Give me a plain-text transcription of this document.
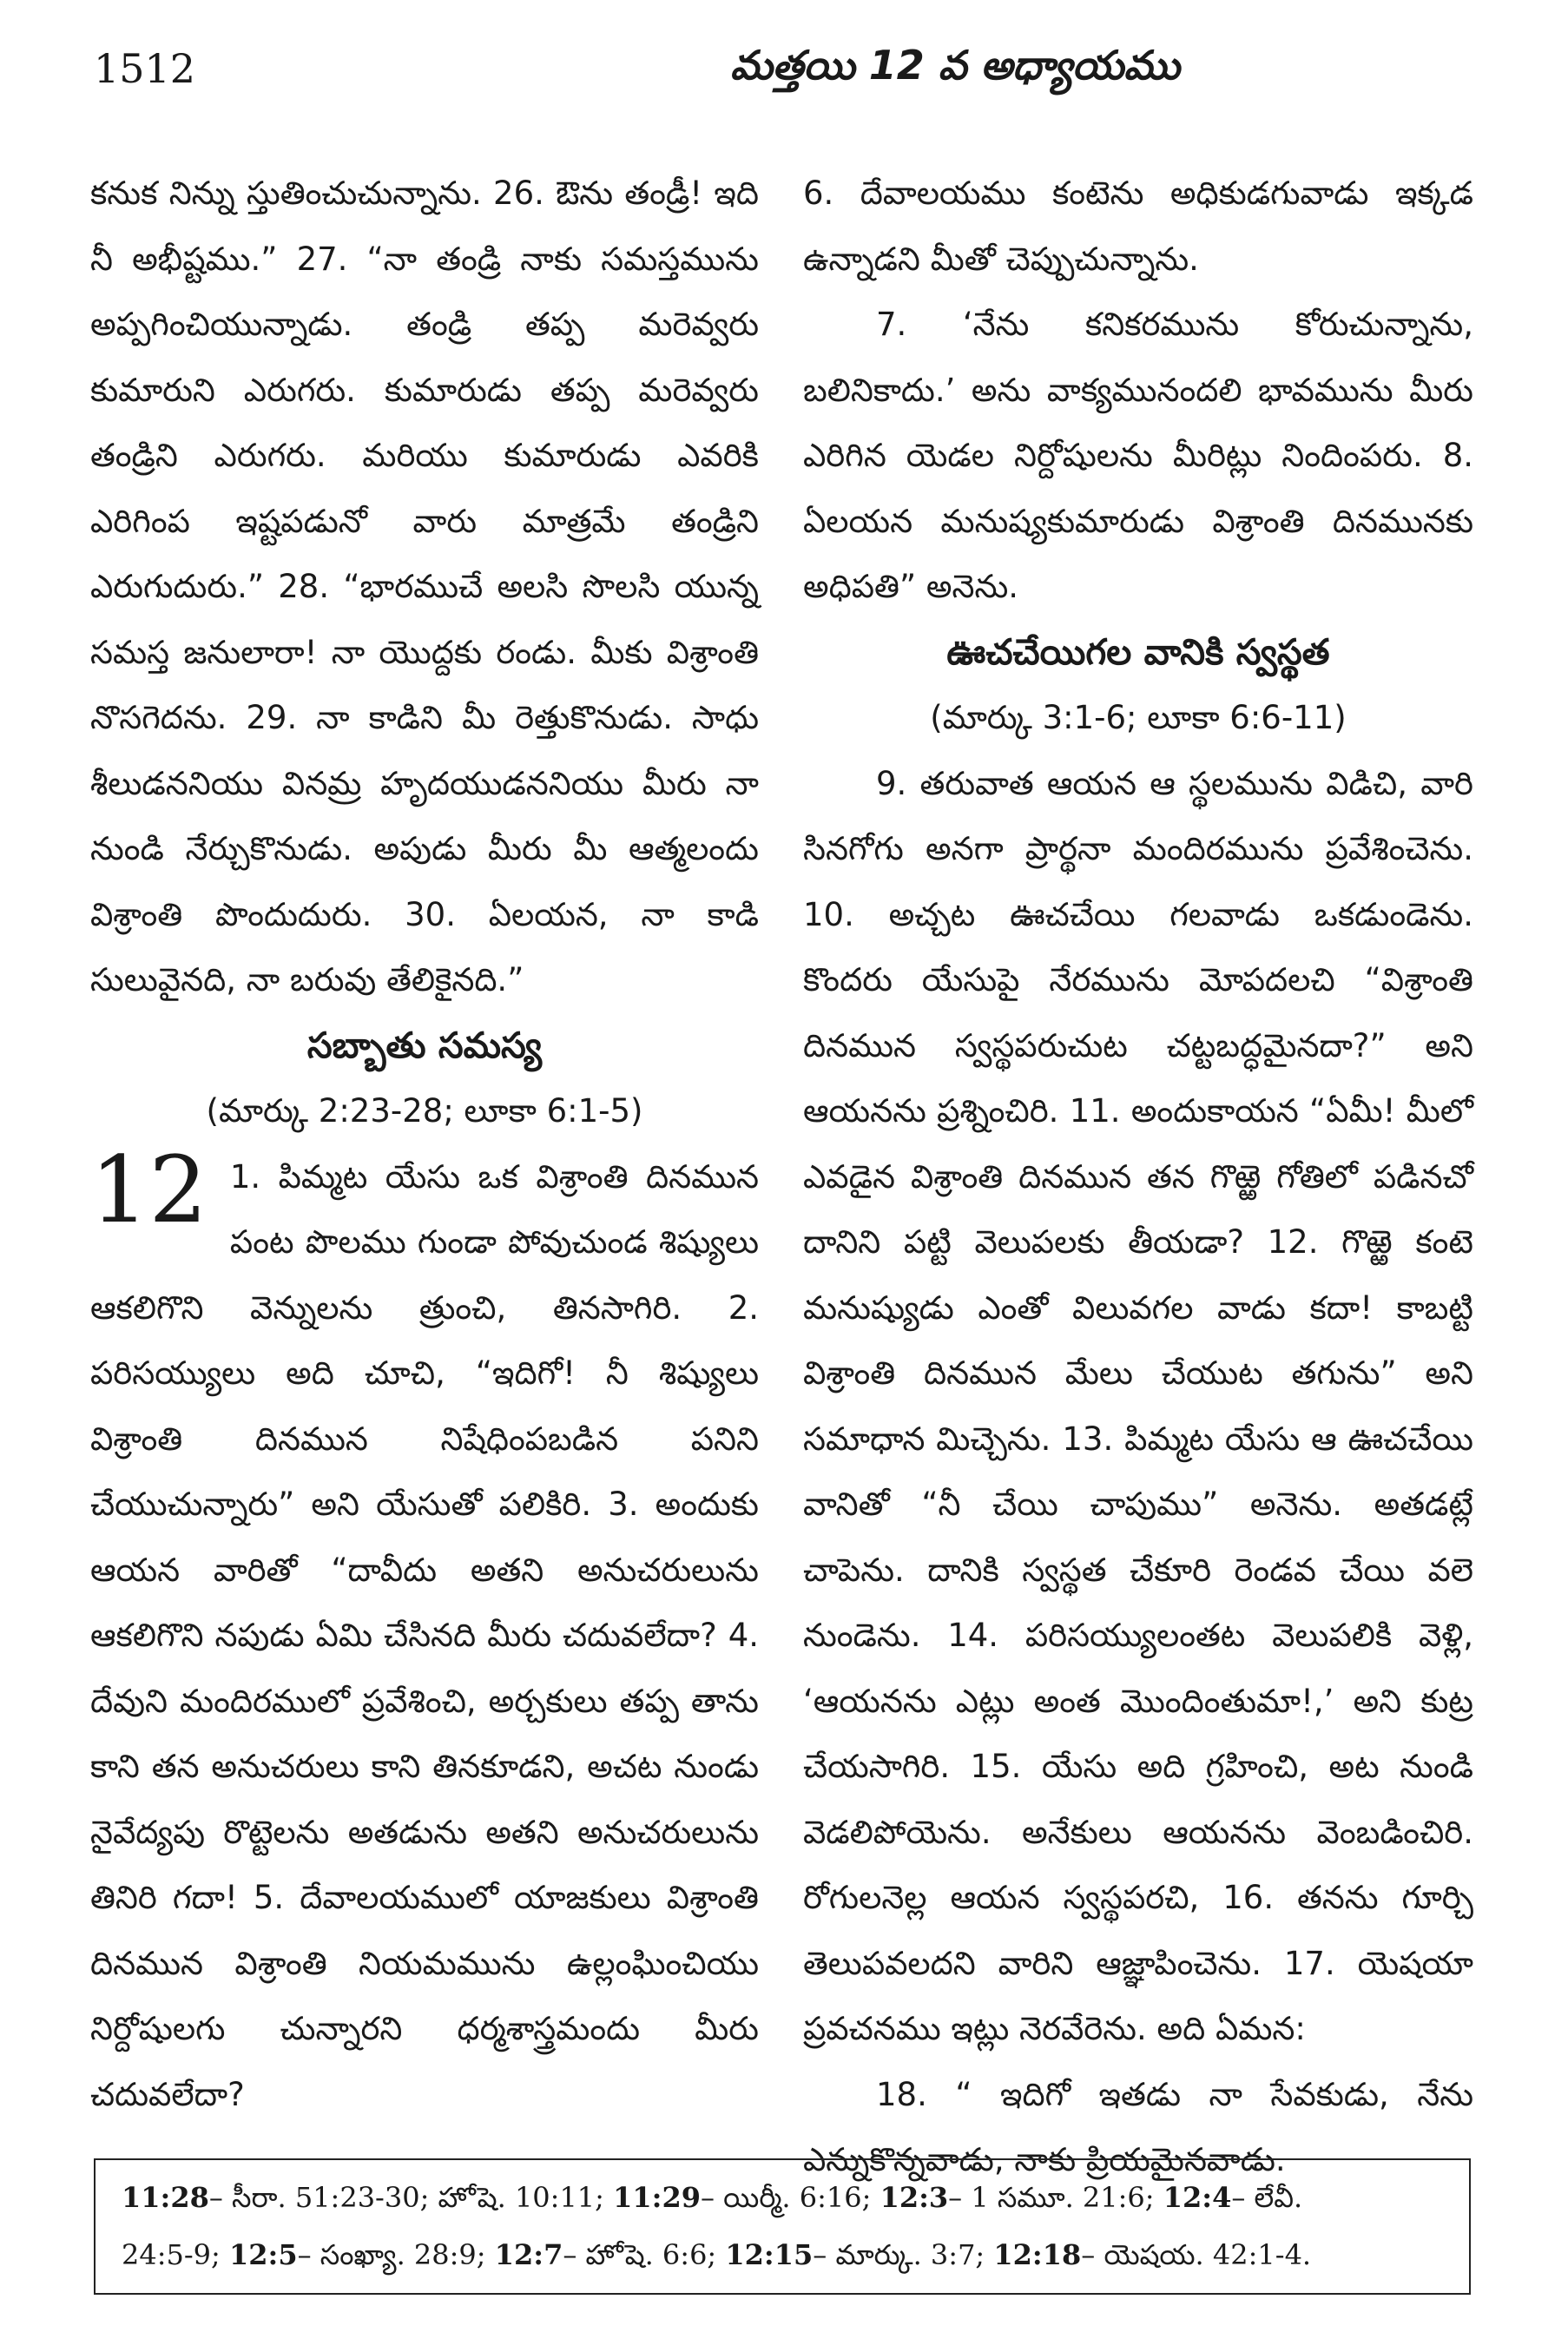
1512	మత్తయి 12 వ అధ్యాయము

కనుక నిన్ను స్తుతించుచున్నాను. 26. ఔను తండ్రీ! ఇది నీ అభీష్టము.” 27. “నా తండ్రి నాకు సమస్తమును అప్పగించియున్నాడు. తండ్రి తప్ప మరెవ్వరు కుమారుని ఎరుగరు. కుమారుడు తప్ప మరెవ్వరు తండ్రిని ఎరుగరు. మరియు కుమారుడు ఎవరికి ఎరిగింప ఇష్టపడునో వారు మాత్రమే తండ్రిని ఎరుగుదురు.” 28. “భారముచే అలసి సొలసి యున్న సమస్త జనులారా! నా యొద్దకు రండు. మీకు విశ్రాంతి నొసగెదను. 29. నా కాడిని మీ రెత్తుకొనుడు. సాధు శీలుడననియు వినమ్ర హృదయుడననియు మీరు నా నుండి నేర్చుకొనుడు. అపుడు మీరు మీ ఆత్మలందు విశ్రాంతి పొందుదురు. 30. ఏలయన, నా కాడి సులువైనది, నా బరువు తేలికైనది.”

సబ్బాతు సమస్య

(మార్కు 2:23-28; లూకా 6:1-5)

12 1. పిమ్మట యేసు ఒక విశ్రాంతి దినమున పంట పొలము గుండా పోవుచుండ శిష్యులు ఆకలిగొని వెన్నులను త్రుంచి, తినసాగిరి. 2. పరిసయ్యులు అది చూచి, “ఇదిగో! నీ శిష్యులు విశ్రాంతి దినమున నిషేధింపబడిన పనిని చేయుచున్నారు” అని యేసుతో పలికిరి. 3. అందుకు ఆయన వారితో “దావీదు అతని అనుచరులును ఆకలిగొని నపుడు ఏమి చేసినది మీరు చదువలేదా? 4. దేవుని మందిరములో ప్రవేశించి, అర్చకులు తప్ప తాను కాని తన అనుచరులు కాని తినకూడని, అచట నుండు నైవేద్యపు రొట్టెలను అతడును అతని అనుచరులును తినిరి గదా! 5. దేవాలయములో యాజకులు విశ్రాంతి దినమున విశ్రాంతి నియమమును ఉల్లంఘించియు నిర్దోషులగు చున్నారని ధర్మశాస్త్రమందు మీరు చదువలేదా?

6. దేవాలయము కంటెను అధికుడగువాడు ఇక్కడ ఉన్నాడని మీతో చెప్పుచున్నాను.

7. ‘నేను కనికరమును కోరుచున్నాను, బలినికాదు.’ అను వాక్యమునందలి భావమును మీరు ఎరిగిన యెడల నిర్దోషులను మీరిట్లు నిందింపరు. 8. ఏలయన మనుష్యకుమారుడు విశ్రాంతి దినమునకు అధిపతి” అనెను.

ఊచచేయిగల వానికి స్వస్థత

(మార్కు 3:1-6; లూకా 6:6-11)

9. తరువాత ఆయన ఆ స్థలమును విడిచి, వారి సినగోగు అనగా ప్రార్థనా మందిరమును ప్రవేశించెను. 10. అచ్చట ఊచచేయి గలవాడు ఒకడుండెను. కొందరు యేసుపై నేరమును మోపదలచి “విశ్రాంతి దినమున స్వస్థపరుచుట చట్టబద్ధమైనదా?” అని ఆయనను ప్రశ్నించిరి. 11. అందుకాయన “ఏమీ! మీలో ఎవడైన విశ్రాంతి దినమున తన గొఱ్ఱె గోతిలో పడినచో దానిని పట్టి వెలుపలకు తీయడా? 12. గొఱ్ఱె కంటె మనుష్యుడు ఎంతో విలువగల వాడు కదా! కాబట్టి విశ్రాంతి దినమున మేలు చేయుట తగును” అని సమాధాన మిచ్చెను. 13. పిమ్మట యేసు ఆ ఊచచేయి వానితో “నీ చేయి చాపుము” అనెను. అతడట్లే చాపెను. దానికి స్వస్థత చేకూరి రెండవ చేయి వలె నుండెను. 14. పరిసయ్యులంతట వెలుపలికి వెళ్లి, ‘ఆయనను ఎట్లు అంత మొందింతుమా!,’ అని కుట్ర చేయసాగిరి. 15. యేసు అది గ్రహించి, అట నుండి వెడలిపోయెను. అనేకులు ఆయనను వెంబడించిరి. రోగులనెల్ల ఆయన స్వస్థపరచి, 16. తనను గూర్చి తెలుపవలదని వారిని ఆజ్ఞాపించెను. 17. యెషయా ప్రవచనము ఇట్లు నెరవేరెను. అది ఏమన:

18. “ ఇదిగో ఇతడు నా సేవకుడు, నేను ఎన్నుకొన్నవాడు, నాకు ప్రియమైనవాడు.

11:28– సీరా. 51:23-30; హోషె. 10:11; 11:29– యిర్మీ. 6:16; 12:3– 1 సమూ. 21:6; 12:4– లేవీ.

24:5-9; 12:5– సంఖ్యా. 28:9; 12:7– హోషె. 6:6; 12:15– మార్కు. 3:7; 12:18– యెషయ. 42:1-4.
